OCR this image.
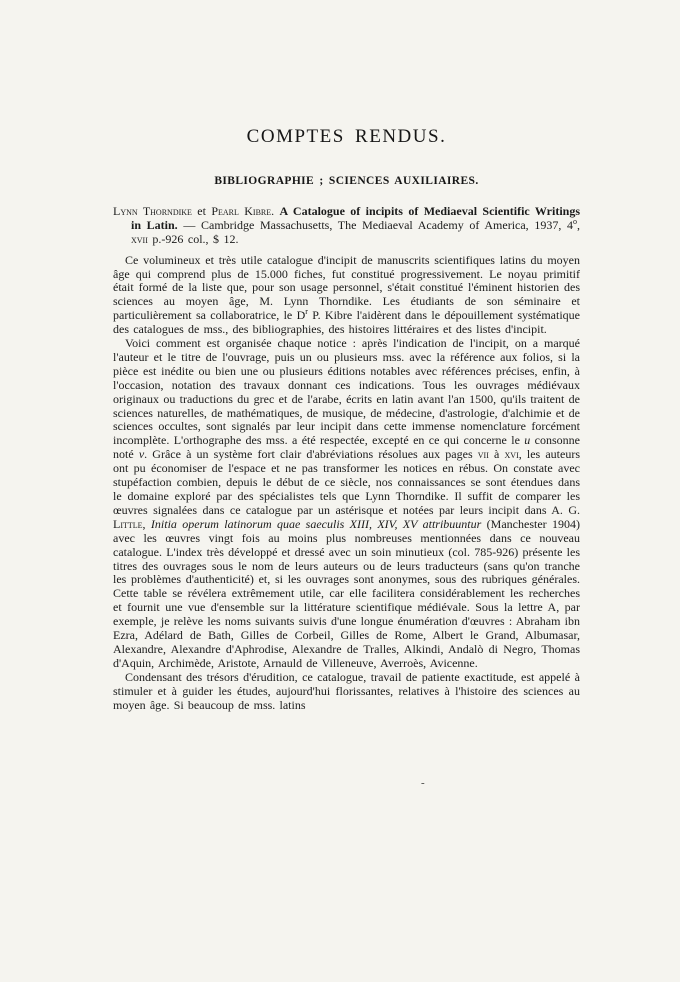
COMPTES RENDUS.
BIBLIOGRAPHIE ; SCIENCES AUXILIAIRES.
Lynn Thorndike et Pearl Kibre. A Catalogue of incipits of Mediaeval Scientific Writings in Latin. — Cambridge Massachusetts, The Mediaeval Academy of America, 1937, 4$^o$, xvii p.-926 col., $ 12.

Ce volumineux et très utile catalogue d'incipit de manuscrits scientifiques latins du moyen âge qui comprend plus de 15.000 fiches, fut constitué progressivement. Le noyau primitif était formé de la liste que, pour son usage personnel, s'était constitué l'éminent historien des sciences au moyen âge, M. Lynn Thorndike. Les étudiants de son séminaire et particulièrement sa collaboratrice, le $D^r$ P. Kibre l'aidèrent dans le dépouillement systématique des catalogues de mss., des bibliographies, des histoires littéraires et des listes d'incipit.

Voici comment est organisée chaque notice : après l'indication de l'incipit, on a marqué l'auteur et le titre de l'ouvrage, puis un ou plusieurs mss. avec la référence aux folios, si la pièce est inédite ou bien une ou plusieurs éditions notables avec références précises, enfin, à l'occasion, notation des travaux donnant ces indications. Tous les ouvrages médiévaux originaux ou traductions du grec et de l'arabe, écrits en latin avant l'an 1500, qu'ils traitent de sciences naturelles, de mathématiques, de musique, de médecine, d'astrologie, d'alchimie et de sciences occultes, sont signalés par leur incipit dans cette immense nomenclature forcément incomplète. L'orthographe des mss. a été respectée, excepté en ce qui concerne le u consonne noté v. Grâce à un système fort clair d'abréviations résolues aux pages vii à xvi, les auteurs ont pu économiser de l'espace et ne pas transformer les notices en rébus. On constate avec stupéfaction combien, depuis le début de ce siècle, nos connaissances se sont étendues dans le domaine exploré par des spécialistes tels que Lynn Thorndike. Il suffit de comparer les œuvres signalées dans ce catalogue par un astérisque et notées par leurs incipit dans A. G. Little, Initia operum latinorum quae saeculis XIII, XIV, XV attribuuntur (Manchester 1904) avec les œuvres vingt fois au moins plus nombreuses mentionnées dans ce nouveau catalogue. L'index très développé et dressé avec un soin minutieux (col. 785-926) présente les titres des ouvrages sous le nom de leurs auteurs ou de leurs traducteurs (sans qu'on tranche les problèmes d'authenticité) et, si les ouvrages sont anonymes, sous des rubriques générales. Cette table se révélera extrêmement utile, car elle facilitera considérablement les recherches et fournit une vue d'ensemble sur la littérature scientifique médiévale. Sous la lettre A, par exemple, je relève les noms suivants suivis d'une longue énumération d'œuvres : Abraham ibn Ezra, Adélard de Bath, Gilles de Corbeil, Gilles de Rome, Albert le Grand, Albumasar, Alexandre, Alexandre d'Aphrodise, Alexandre de Tralles, Alkindi, Andalò di Negro, Thomas d'Aquin, Archimède, Aristote, Arnauld de Villeneuve, Averroès, Avicenne.

Condensant des trésors d'érudition, ce catalogue, travail de patiente exactitude, est appelé à stimuler et à guider les études, aujourd'hui florissantes, relatives à l'histoire des sciences au moyen âge. Si beaucoup de mss. latins

-
